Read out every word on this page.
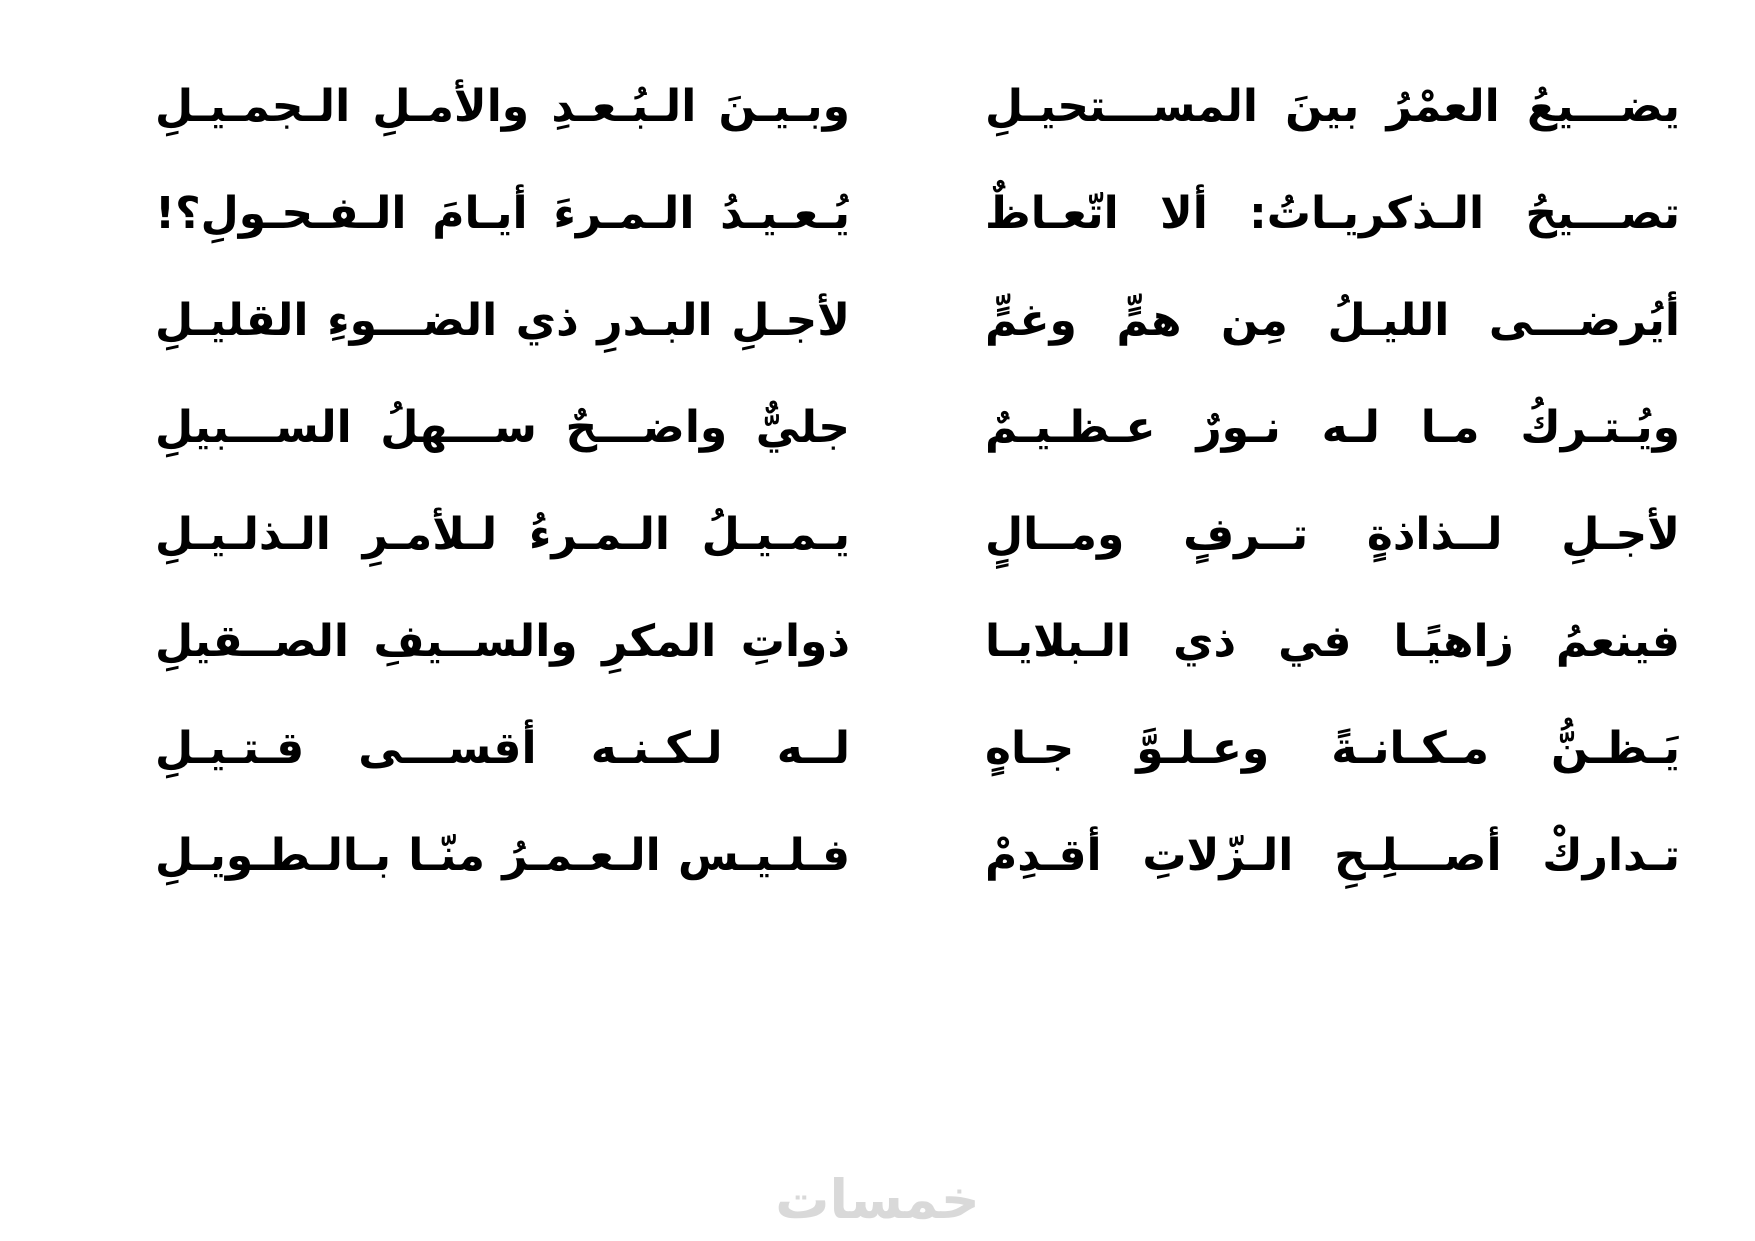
يضـــيعُ العمْرُ بينَ المســـتحيـلِ
وبـيـنَ الـبُـعـدِ والأمـلِ الـجمـيـلِ
تصـــيحُ الـذكريـاتُ: ألا اتّعـاظٌ
يُـعـيـدُ الـمـرءَ أيـامَ الـفـحـولِ؟!
أيُرضـــى الليـلُ مِن همٍّ وغمٍّ
لأجـلِ البـدرِ ذي الضـــوءِ القليـلِ
ويُـتـركُ مـا لـه نـورٌ عـظـيـمٌ
جليٌّ واضـــحٌ ســـهلُ الســـبيلِ
لأجـلِ لــذاذةٍ تــرفٍ ومــالٍ
يـمـيـلُ الـمـرءُ لـلأمـرِ الـذلـيـلِ
فينعمُ زاهيًـا في ذي الـبلايـا
ذواتِ المكرِ والســيفِ الصــقيلِ
يَـظـنُّ مـكـانـةً وعـلـوَّ جـاهٍ
لــه لـكـنـه أقســـى قـتـيـلِ
تـداركْ أصـــلِـحِ الـزّلاتِ أقـدِمْ
فـلـيـس الـعـمـرُ منّـا بـالـطـويـلِ
خمسات
